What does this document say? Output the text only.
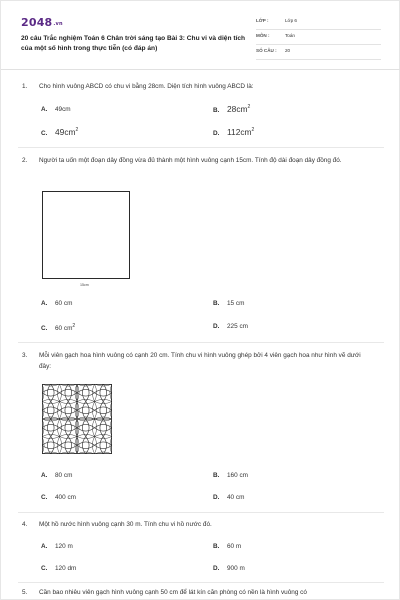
2048.vn
20 câu Trắc nghiệm Toán 6 Chân trời sáng tạo Bài 3: Chu vi và diện tích của một số hình trong thực tiễn (có đáp án)
LỚP :	Lớp 6
MÔN :	Toán
SỐ CÂU : 20
1. Cho hình vuông ABCD có chu vi bằng 28cm. Diện tích hình vuông ABCD là:
A. 49cm	B. $28cm^2$
C. $49cm^2$	D. $112cm^2$
2. Người ta uốn một đoạn dây đồng vừa đủ thành một hình vuông cạnh 15cm. Tính độ dài đoạn dây đồng đó.
15cm
A. 60 cm	B. 15 cm
C. 60 $cm^2$	D. 225 cm
3. Mỗi viên gạch hoa hình vuông có cạnh 20 cm. Tính chu vi hình vuông ghép bởi 4 viên gạch hoa như hình vẽ dưới đây:
A. 80 cm	B. 160 cm
C. 400 cm	D. 40 cm
4. Một hồ nước hình vuông cạnh 30 m. Tính chu vi hồ nước đó.
A. 120 m	B. 60 m
C. 120 dm	D. 900 m
5. Cần bao nhiêu viên gạch hình vuông cạnh 50 cm để lát kín căn phòng có nền là hình vuông có
